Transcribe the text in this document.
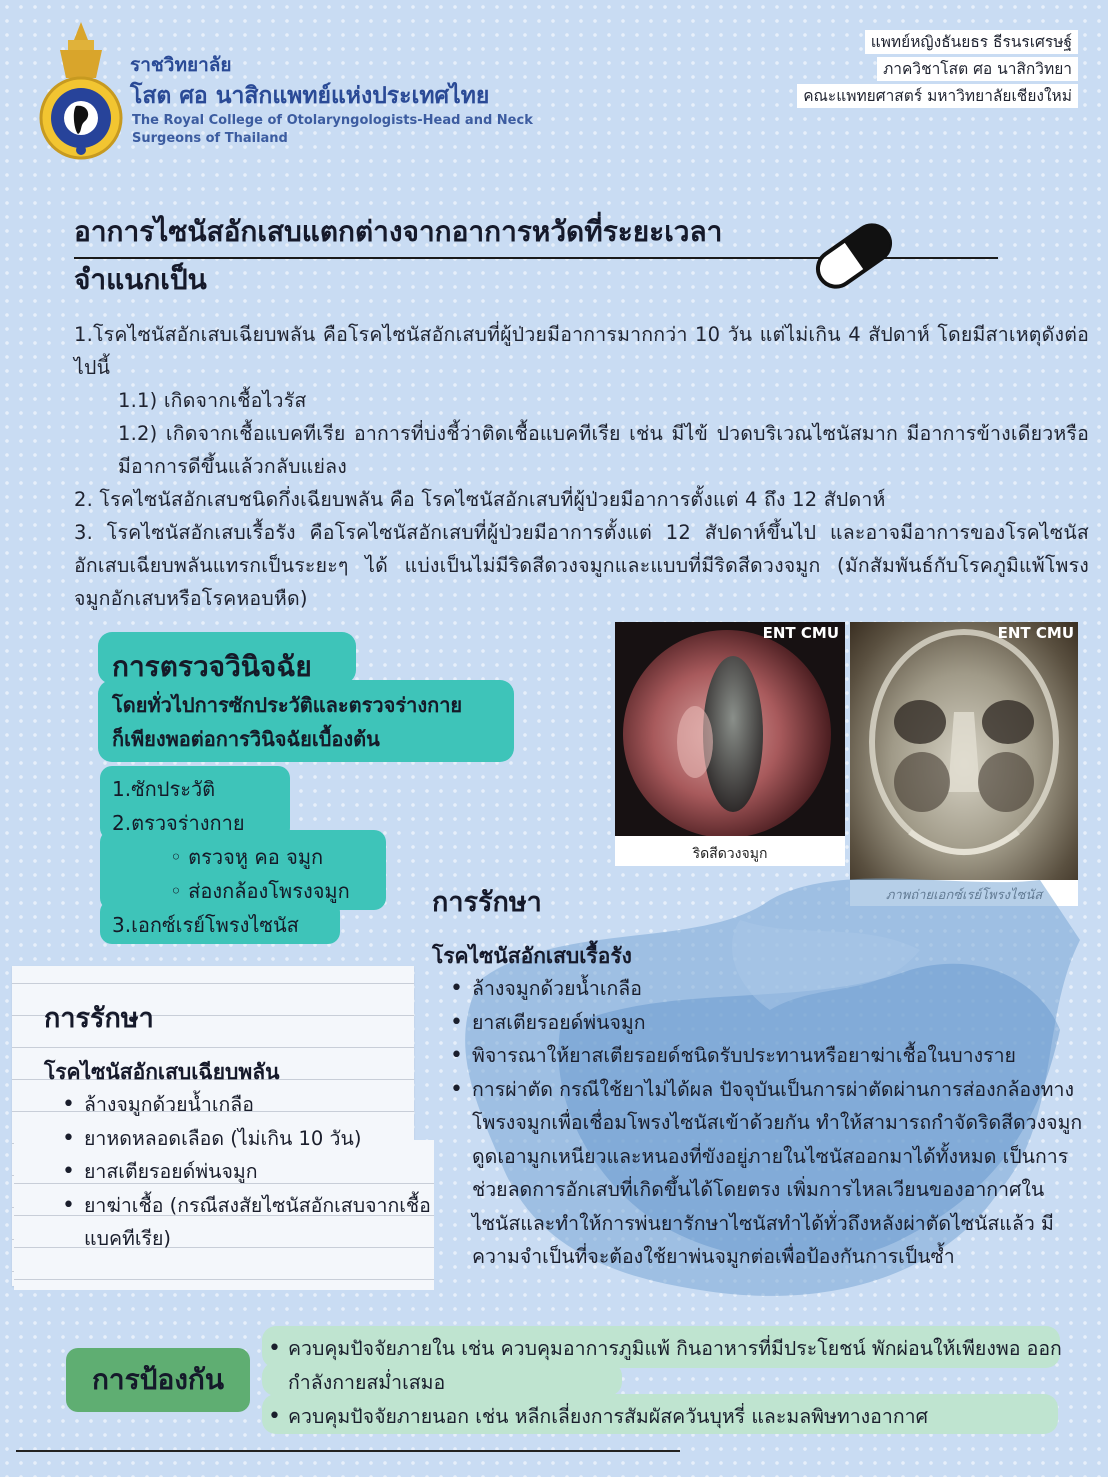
ราชวิทยาลัย
โสต ศอ นาสิกแพทย์แห่งประเทศไทย
The Royal College of Otolaryngologists-Head and Neck
Surgeons of Thailand
แพทย์หญิงธันยธร ธีรนรเศรษฐ์
ภาควิชาโสต ศอ นาสิกวิทยา
คณะแพทยศาสตร์ มหาวิทยาลัยเชียงใหม่
อาการไซนัสอักเสบแตกต่างจากอาการหวัดที่ระยะเวลา
จำแนกเป็น

1.โรคไซนัสอักเสบเฉียบพลัน คือโรคไซนัสอักเสบที่ผู้ป่วยมีอาการมากกว่า 10 วัน แต่ไม่เกิน 4 สัปดาห์ โดยมีสาเหตุดังต่อไปนี้

1.1) เกิดจากเชื้อไวรัส

1.2) เกิดจากเชื้อแบคทีเรีย อาการที่บ่งชี้ว่าติดเชื้อแบคทีเรีย เช่น มีไข้ ปวดบริเวณไซนัสมาก มีอาการข้างเดียวหรือมีอาการดีขึ้นแล้วกลับแย่ลง

2. โรคไซนัสอักเสบชนิดกึ่งเฉียบพลัน คือ โรคไซนัสอักเสบที่ผู้ป่วยมีอาการตั้งแต่ 4 ถึง 12 สัปดาห์

3. โรคไซนัสอักเสบเรื้อรัง คือโรคไซนัสอักเสบที่ผู้ป่วยมีอาการตั้งแต่ 12 สัปดาห์ขึ้นไป และอาจมีอาการของโรคไซนัสอักเสบเฉียบพลันแทรกเป็นระยะๆ ได้ แบ่งเป็นไม่มีริดสีดวงจมูกและแบบที่มีริดสีดวงจมูก (มักสัมพันธ์กับโรคภูมิแพ้โพรงจมูกอักเสบหรือโรคหอบหืด)

การตรวจวินิจฉัย
โดยทั่วไปการซักประวัติและตรวจร่างกาย
ก็เพียงพอต่อการวินิจฉัยเบื้องต้น
1.ซักประวัติ
2.ตรวจร่างกาย
◦ ตรวจหู คอ จมูก
◦ ส่องกล้องโพรงจมูก
3.เอกซ์เรย์โพรงไซนัส
ENT CMU
ริดสีดวงจมูก
ENT CMU
การรักษา
โรคไซนัสอักเสบเรื้อรัง
• ล้างจมูกด้วยน้ำเกลือ
• ยาสเตียรอยด์พ่นจมูก
• พิจารณาให้ยาสเตียรอยด์ชนิดรับประทานหรือยาฆ่าเชื้อในบางราย
• การผ่าตัด กรณีใช้ยาไม่ได้ผล ปัจจุบันเป็นการผ่าตัดผ่านการส่องกล้องทางโพรงจมูกเพื่อเชื่อมโพรงไซนัสเข้าด้วยกัน ทำให้สามารถกำจัดริดสีดวงจมูก ดูดเอามูกเหนียวและหนองที่ขังอยู่ภายในไซนัสออกมาได้ทั้งหมด เป็นการช่วยลดการอักเสบที่เกิดขึ้นได้โดยตรง เพิ่มการไหลเวียนของอากาศในไซนัสและทำให้การพ่นยารักษาไซนัสทำได้ทั่วถึงหลังผ่าตัดไซนัสแล้ว มีความจำเป็นที่จะต้องใช้ยาพ่นจมูกต่อเพื่อป้องกันการเป็นซ้ำ
การรักษา
โรคไซนัสอักเสบเฉียบพลัน
• ล้างจมูกด้วยน้ำเกลือ
• ยาหดหลอดเลือด (ไม่เกิน 10 วัน)
• ยาสเตียรอยด์พ่นจมูก
• ยาฆ่าเชื้อ (กรณีสงสัยไซนัสอักเสบจากเชื้อแบคทีเรีย)
การป้องกัน
• ควบคุมปัจจัยภายใน เช่น ควบคุมอาการภูมิแพ้ กินอาหารที่มีประโยชน์ พักผ่อนให้เพียงพอ ออกกำลังกายสม่ำเสมอ
• ควบคุมปัจจัยภายนอก เช่น หลีกเลี่ยงการสัมผัสควันบุหรี่ และมลพิษทางอากาศ
